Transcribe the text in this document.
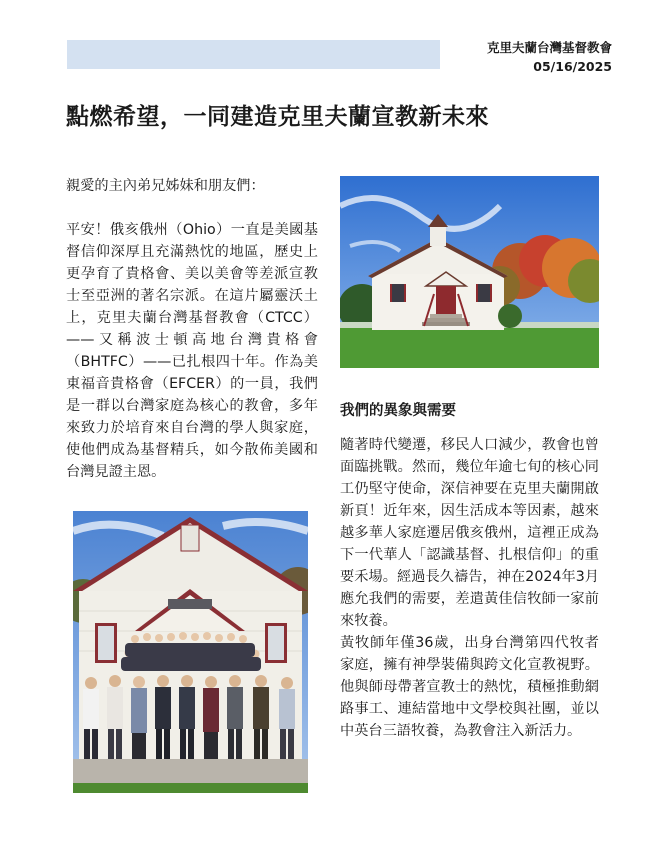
克里夫蘭台灣基督教會
05/16/2025
點燃希望，一同建造克里夫蘭宣教新未來

親愛的主內弟兄姊妹和朋友們：

平安！俄亥俄州（Ohio）一直是美國基督信仰深厚且充滿熱忱的地區，歷史上更孕育了貴格會、美以美會等差派宣教士至亞洲的著名宗派。在這片屬靈沃土上，克里夫蘭台灣基督教會（CTCC）——又稱波士頓高地台灣貴格會（BHTFC）——已扎根四十年。作為美東福音貴格會（EFCER）的一員，我們是一群以台灣家庭為核心的教會，多年來致力於培育來自台灣的學人與家庭，使他們成為基督精兵，如今散佈美國和台灣見證主恩。

我們的異象與需要

隨著時代變遷，移民人口減少，教會也曾面臨挑戰。然而，幾位年逾七旬的核心同工仍堅守使命，深信神要在克里夫蘭開啟新頁！近年來，因生活成本等因素，越來越多華人家庭遷居俄亥俄州，這裡正成為下一代華人「認識基督、扎根信仰」的重要禾場。經過長久禱告，神在2024年3月應允我們的需要，差遣黃佳信牧師一家前來牧養。

黃牧師年僅36歲，出身台灣第四代牧者家庭，擁有神學裝備與跨文化宣教視野。他與師母帶著宣教士的熱忱，積極推動網路事工、連結當地中文學校與社團，並以中英台三語牧養，為教會注入新活力。
